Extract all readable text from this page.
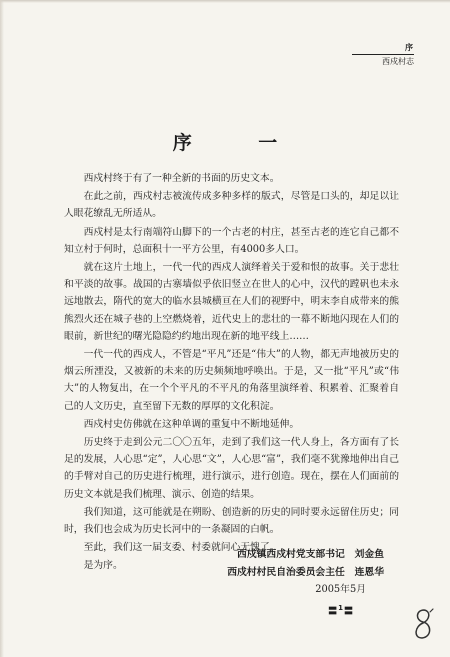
序
西戍村志
序 一

西戍村终于有了一种全新的书面的历史文本。

在此之前，西戍村志被流传成多种多样的版式，尽管是口头的，却足以让人眼花缭乱无所适从。

西戍村是太行南端符山脚下的一个古老的村庄，甚至古老的连它自己都不知立村于何时，总面积十一平方公里，有4000多人口。

就在这片土地上，一代一代的西戍人演绎着关于爱和恨的故事。关于悲壮和平淡的故事。战国的古寨墙似乎依旧竖立在世人的心中，汉代的蹚矾也未永远地散去，隋代的宽大的临水县城横亘在人们的视野中，明末李自成带来的熊熊烈火还在城子巷的上空燃烧着，近代史上的悲壮的一幕不断地闪现在人们的眼前，新世纪的曙光隐隐约约地出现在新的地平线上……

一代一代的西戍人，不管是“平凡”还是“伟大”的人物，都无声地被历史的烟云所湮没，又被新的未来的历史频频地呼唤出。于是，又一批“平凡”或“伟大”的人物复出，在一个个平凡的不平凡的角落里演绎着、积累着、汇聚着自己的人文历史，直至留下无数的厚厚的文化积淀。

西戍村史仿佛就在这种单调的重复中不断地延伸。

历史终于走到公元二〇〇五年，走到了我们这一代人身上，各方面有了长足的发展，人心思“定”，人心思“文”，人心思“富”，我们毫不犹豫地伸出自己的手臂对自己的历史进行梳理，进行演示，进行创造。现在，摆在人们面前的历史文本就是我们梳理、演示、创造的结果。

我们知道，这可能就是在朔盼、创造新的历史的同时要永远留住历史；同时，我们也会成为历史长河中的一条凝固的白帆。

至此，我们这一届支委、村委就问心无愧了。

是为序。

西戍镇西戍村党支部书记　刘金鱼
西戍村村民自治委员会主任　连恩华
2005年5月
〓$^1$〓
